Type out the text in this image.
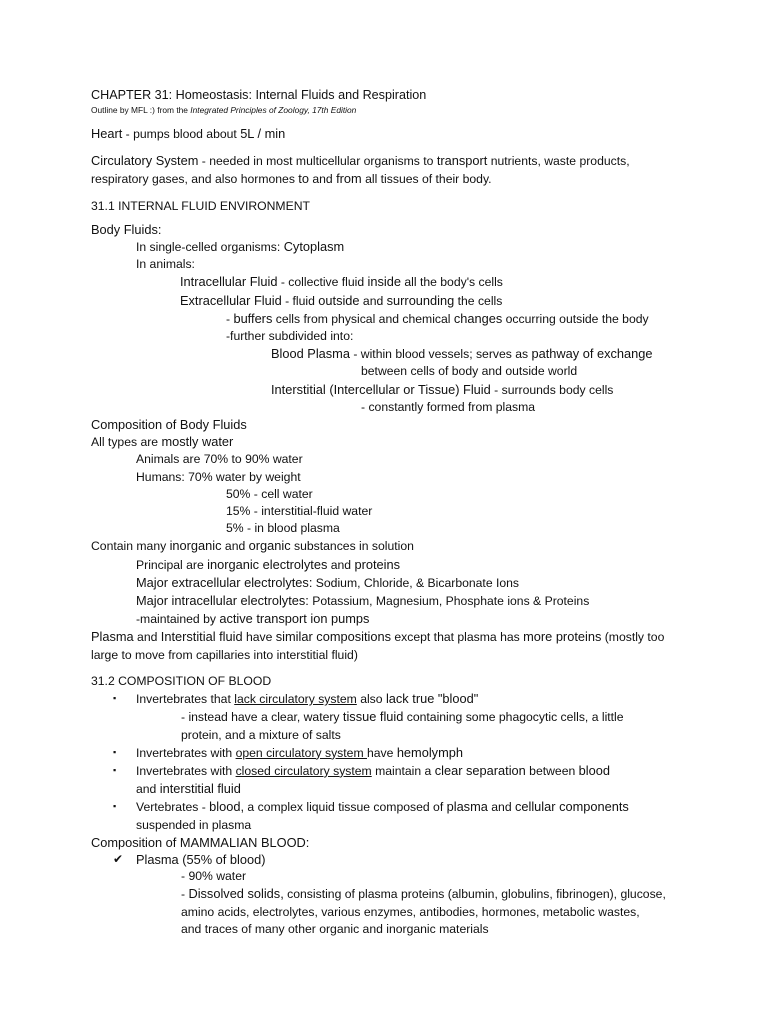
CHAPTER 31: Homeostasis: Internal Fluids and Respiration

Outline by MFL :) from the Integrated Principles of Zoology, 17th Edition

Heart - pumps blood about 5L / min

Circulatory System - needed in most multicellular organisms to transport nutrients, waste products,

respiratory gases, and also hormones to and from all tissues of their body.

31.1 INTERNAL FLUID ENVIRONMENT

Body Fluids:

In single-celled organisms: Cytoplasm

In animals:

Intracellular Fluid - collective fluid inside all the body's cells

Extracellular Fluid - fluid outside and surrounding the cells

- buffers cells from physical and chemical changes occurring outside the body

-further subdivided into:

Blood Plasma - within blood vessels; serves as pathway of exchange

between cells of body and outside world

Interstitial (Intercellular or Tissue) Fluid - surrounds body cells

- constantly formed from plasma

Composition of Body Fluids

All types are mostly water

Animals are 70% to 90% water

Humans: 70% water by weight

50% - cell water

15% - interstitial-fluid water

5% - in blood plasma

Contain many inorganic and organic substances in solution

Principal are inorganic electrolytes and proteins

Major extracellular electrolytes: Sodium, Chloride, & Bicarbonate Ions

Major intracellular electrolytes: Potassium, Magnesium, Phosphate ions & Proteins

-maintained by active transport ion pumps

Plasma and Interstitial fluid have similar compositions except that plasma has more proteins (mostly too

large to move from capillaries into interstitial fluid)

31.2 COMPOSITION OF BLOOD

▪	Invertebrates that lack circulatory system also lack true "blood"

- instead have a clear, watery tissue fluid containing some phagocytic cells, a little

protein, and a mixture of salts

▪	Invertebrates with open circulatory system have hemolymph

▪	Invertebrates with closed circulatory system maintain a clear separation between blood

and interstitial fluid

▪	Vertebrates - blood, a complex liquid tissue composed of plasma and cellular components

suspended in plasma

Composition of MAMMALIAN BLOOD:

✔	Plasma (55% of blood)

- 90% water

- Dissolved solids, consisting of plasma proteins (albumin, globulins, fibrinogen), glucose,

amino acids, electrolytes, various enzymes, antibodies, hormones, metabolic wastes,

and traces of many other organic and inorganic materials
